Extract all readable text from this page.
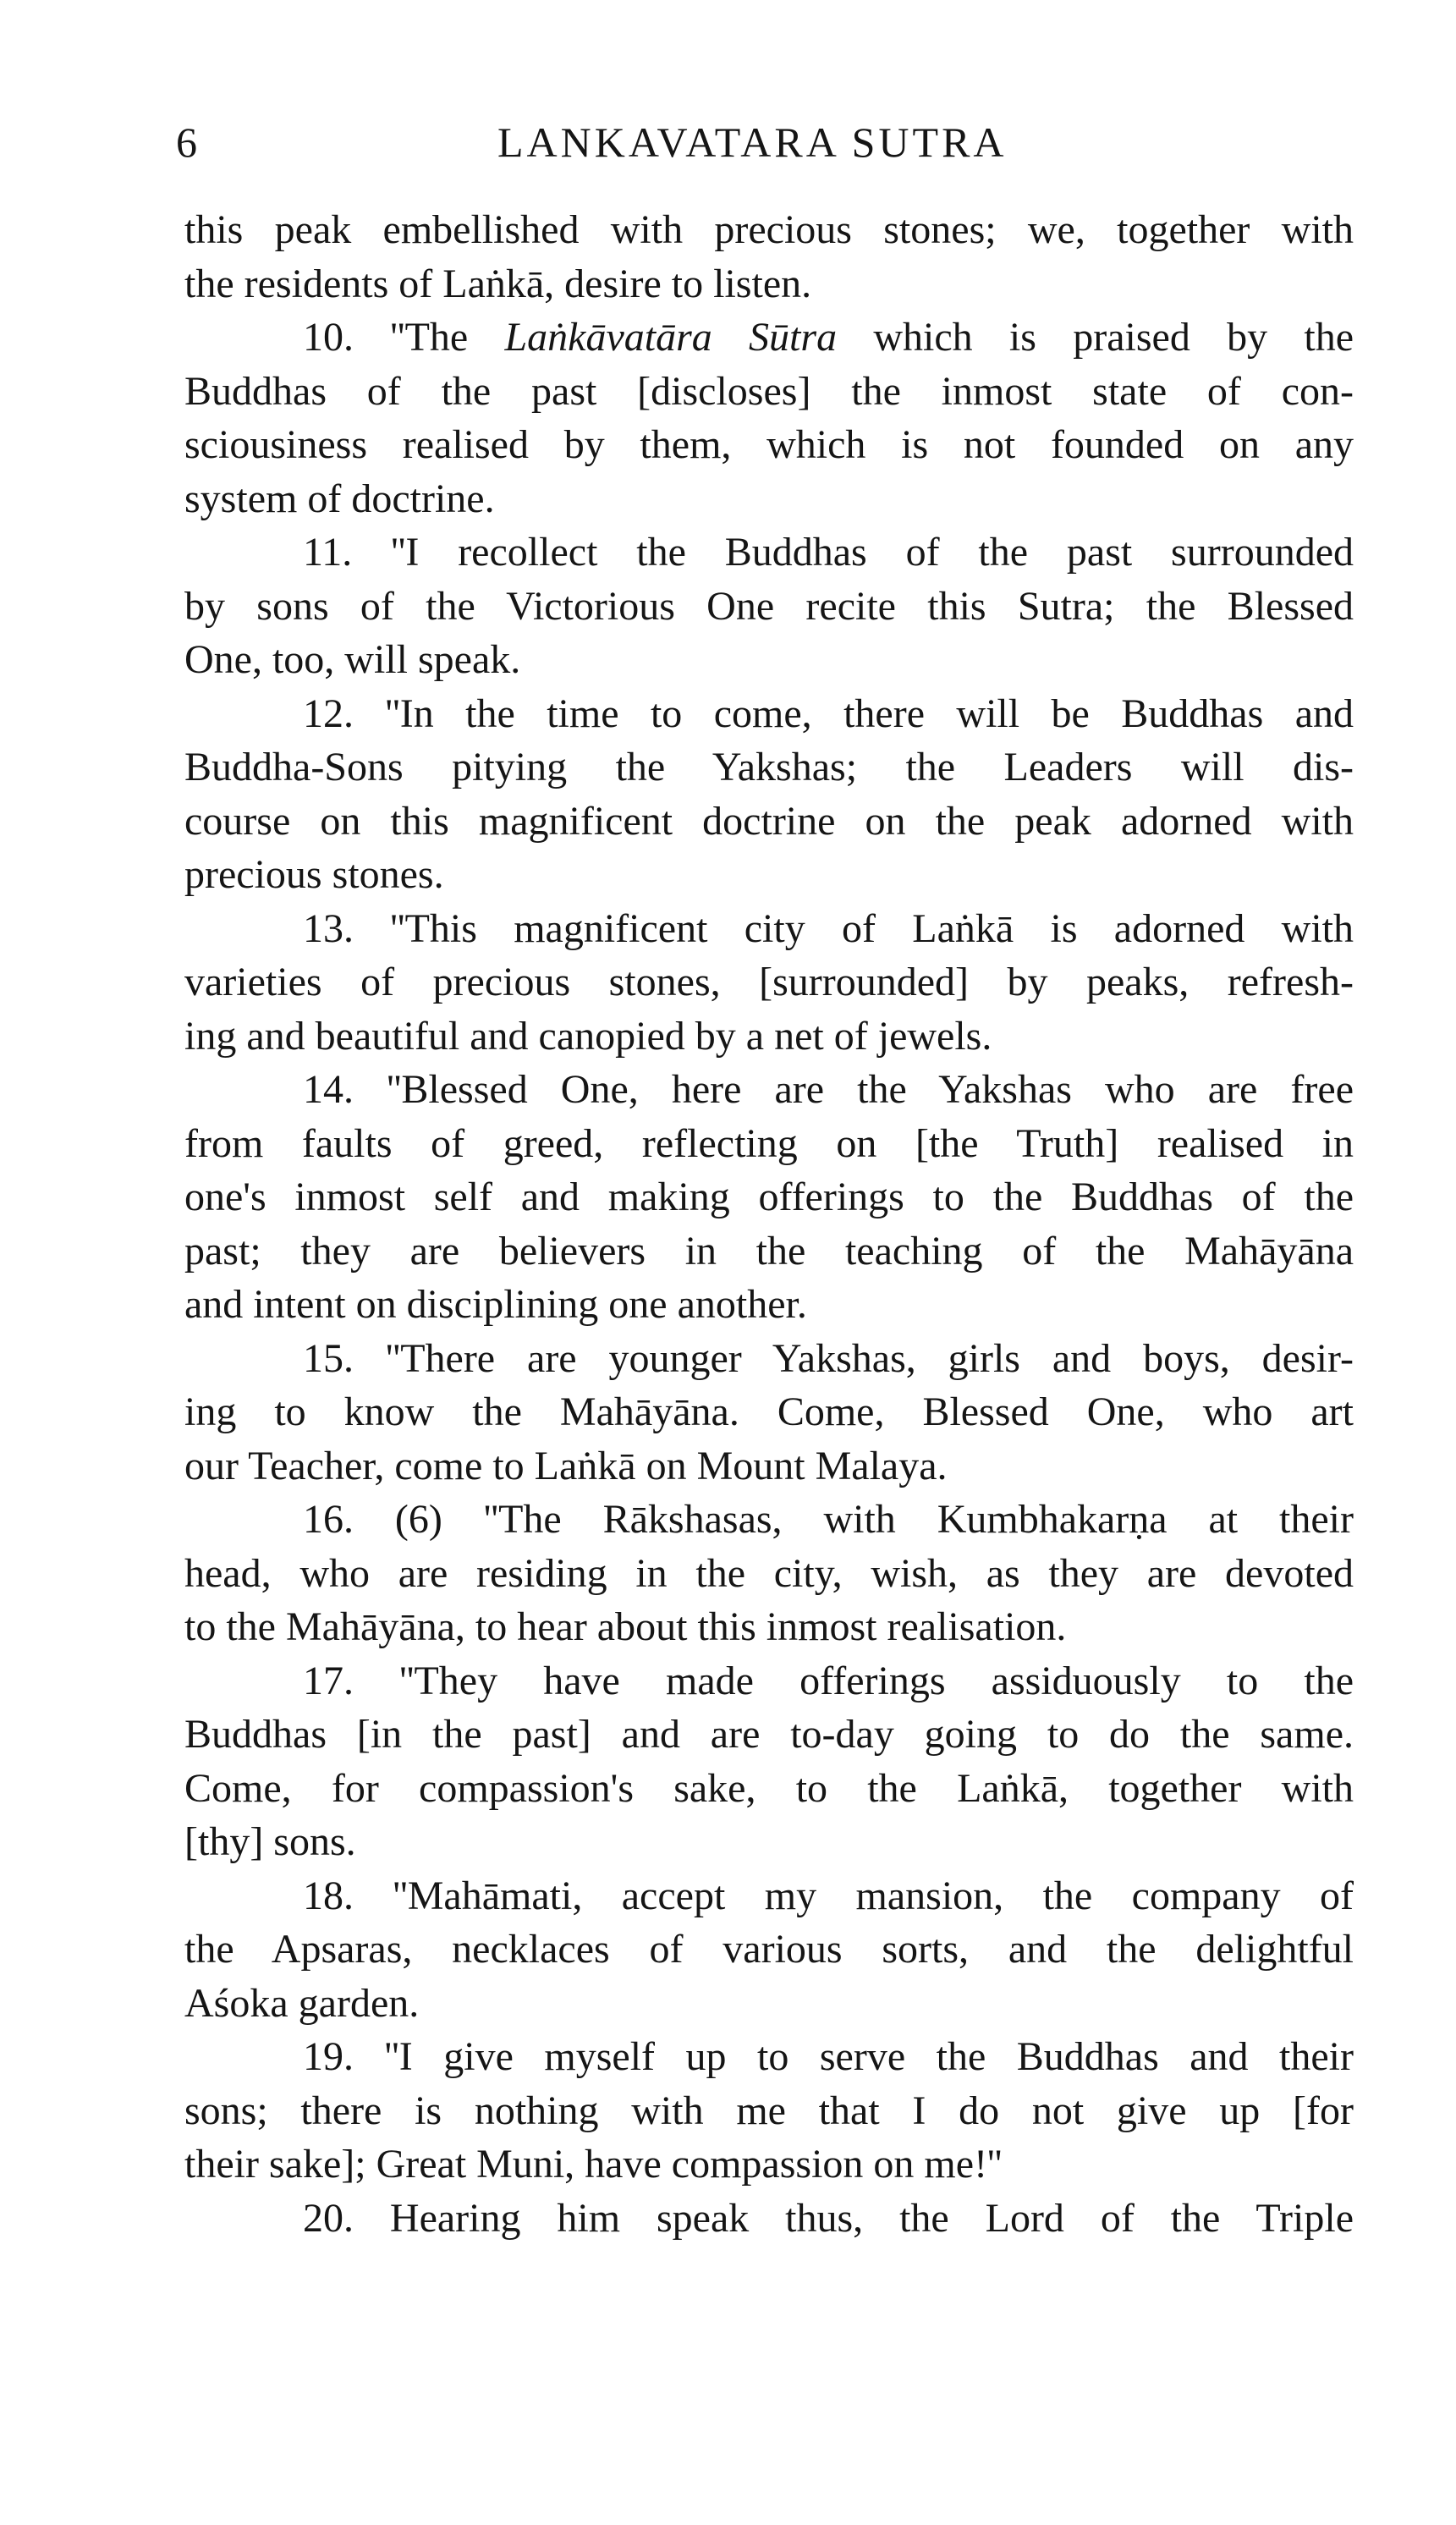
6	LANKAVATARA SUTRA
this peak embellished with precious stones; we, together with
the residents of Laṅkā, desire to listen.
10. ''The Laṅkāvatāra Sūtra which is praised by the
Buddhas of the past [discloses] the inmost state of con-
sciousiness realised by them, which is not founded on any
system of doctrine.
11. ''I recollect the Buddhas of the past surrounded
by sons of the Victorious One recite this Sutra; the Blessed
One, too, will speak.
12. ''In the time to come, there will be Buddhas and
Buddha-Sons pitying the Yakshas; the Leaders will dis-
course on this magnificent doctrine on the peak adorned with
precious stones.
13. ''This magnificent city of Laṅkā is adorned with
varieties of precious stones, [surrounded] by peaks, refresh-
ing and beautiful and canopied by a net of jewels.
14. ''Blessed One, here are the Yakshas who are free
from faults of greed, reflecting on [the Truth] realised in
one's inmost self and making offerings to the Buddhas of the
past; they are believers in the teaching of the Mahāyāna
and intent on disciplining one another.
15. ''There are younger Yakshas, girls and boys, desir-
ing to know the Mahāyāna. Come, Blessed One, who art
our Teacher, come to Laṅkā on Mount Malaya.
16. (6) ''The Rākshasas, with Kumbhakarṇa at their
head, who are residing in the city, wish, as they are devoted
to the Mahāyāna, to hear about this inmost realisation.
17. ''They have made offerings assiduously to the
Buddhas [in the past] and are to-day going to do the same.
Come, for compassion's sake, to the Laṅkā, together with
[thy] sons.
18. ''Mahāmati, accept my mansion, the company of
the Apsaras, necklaces of various sorts, and the delightful
Aśoka garden.
19. ''I give myself up to serve the Buddhas and their
sons; there is nothing with me that I do not give up [for
their sake]; Great Muni, have compassion on me!''
20. Hearing him speak thus, the Lord of the Triple
